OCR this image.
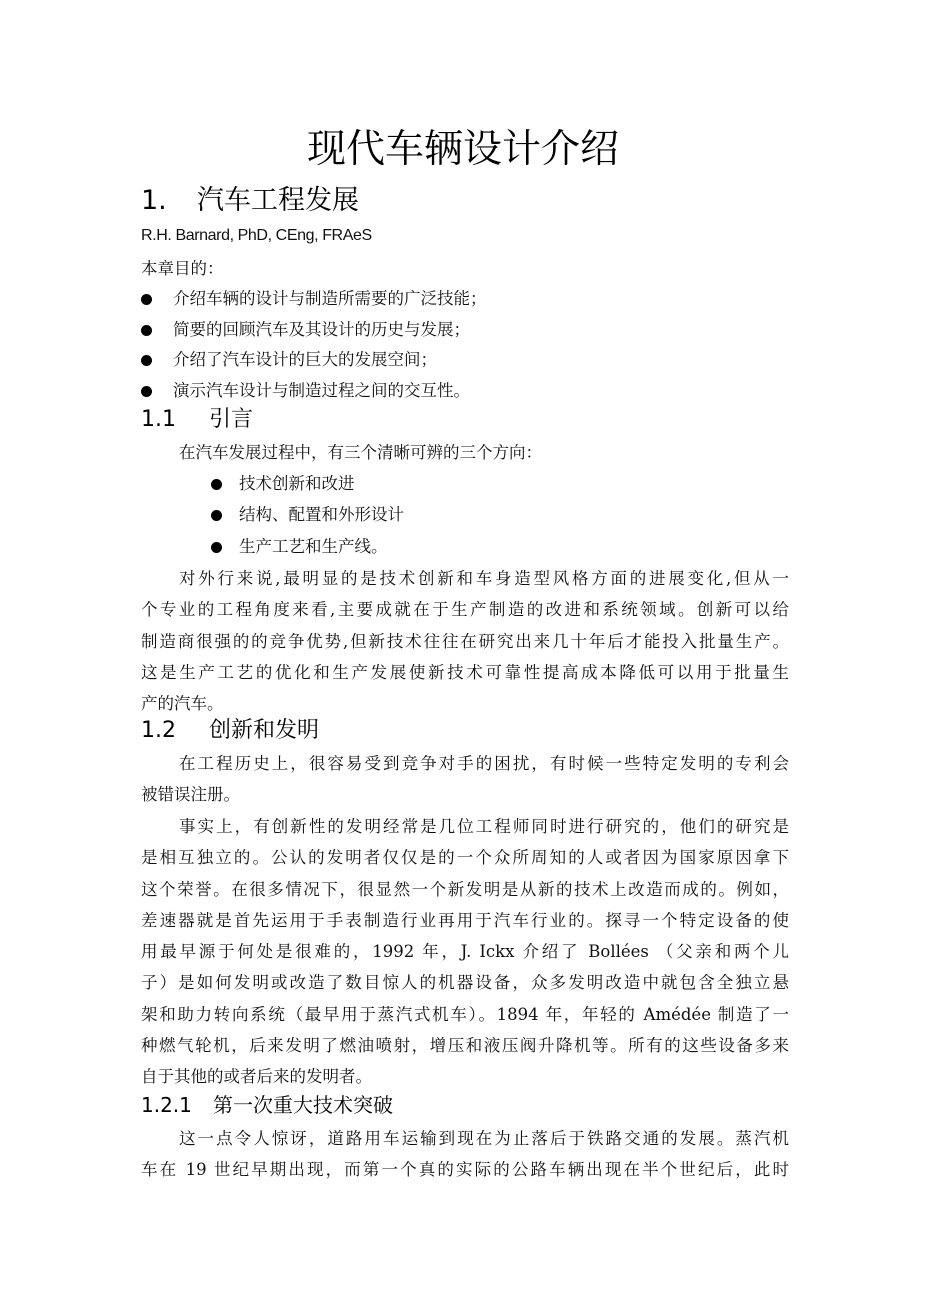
现代车辆设计介绍
1. 汽车工程发展
R.H. Barnard, PhD, CEng, FRAeS
本章目的：
介绍车辆的设计与制造所需要的广泛技能；
简要的回顾汽车及其设计的历史与发展；
介绍了汽车设计的巨大的发展空间；
演示汽车设计与制造过程之间的交互性。
1.1 引言
在汽车发展过程中，有三个清晰可辨的三个方向：
技术创新和改进
结构、配置和外形设计
生产工艺和生产线。
对外行来说,最明显的是技术创新和车身造型风格方面的进展变化,但从一
个专业的工程角度来看,主要成就在于生产制造的改进和系统领域。创新可以给
制造商很强的的竞争优势,但新技术往往在研究出来几十年后才能投入批量生产。
这是生产工艺的优化和生产发展使新技术可靠性提高成本降低可以用于批量生
产的汽车。
1.2 创新和发明
在工程历史上，很容易受到竞争对手的困扰，有时候一些特定发明的专利会
被错误注册。
事实上，有创新性的发明经常是几位工程师同时进行研究的，他们的研究是
是相互独立的。公认的发明者仅仅是的一个众所周知的人或者因为国家原因拿下
这个荣誉。在很多情况下，很显然一个新发明是从新的技术上改造而成的。例如，
差速器就是首先运用于手表制造行业再用于汽车行业的。探寻一个特定设备的使
用最早源于何处是很难的，1992 年，J. Ickx 介绍了 Bollées （父亲和两个儿
子）是如何发明或改造了数目惊人的机器设备，众多发明改造中就包含全独立悬
架和助力转向系统（最早用于蒸汽式机车）。1894 年，年轻的 Amédée 制造了一
种燃气轮机，后来发明了燃油喷射，增压和液压阀升降机等。所有的这些设备多来
自于其他的或者后来的发明者。
1.2.1 第一次重大技术突破
这一点令人惊讶，道路用车运输到现在为止落后于铁路交通的发展。蒸汽机
车在 19 世纪早期出现，而第一个真的实际的公路车辆出现在半个世纪后，此时
